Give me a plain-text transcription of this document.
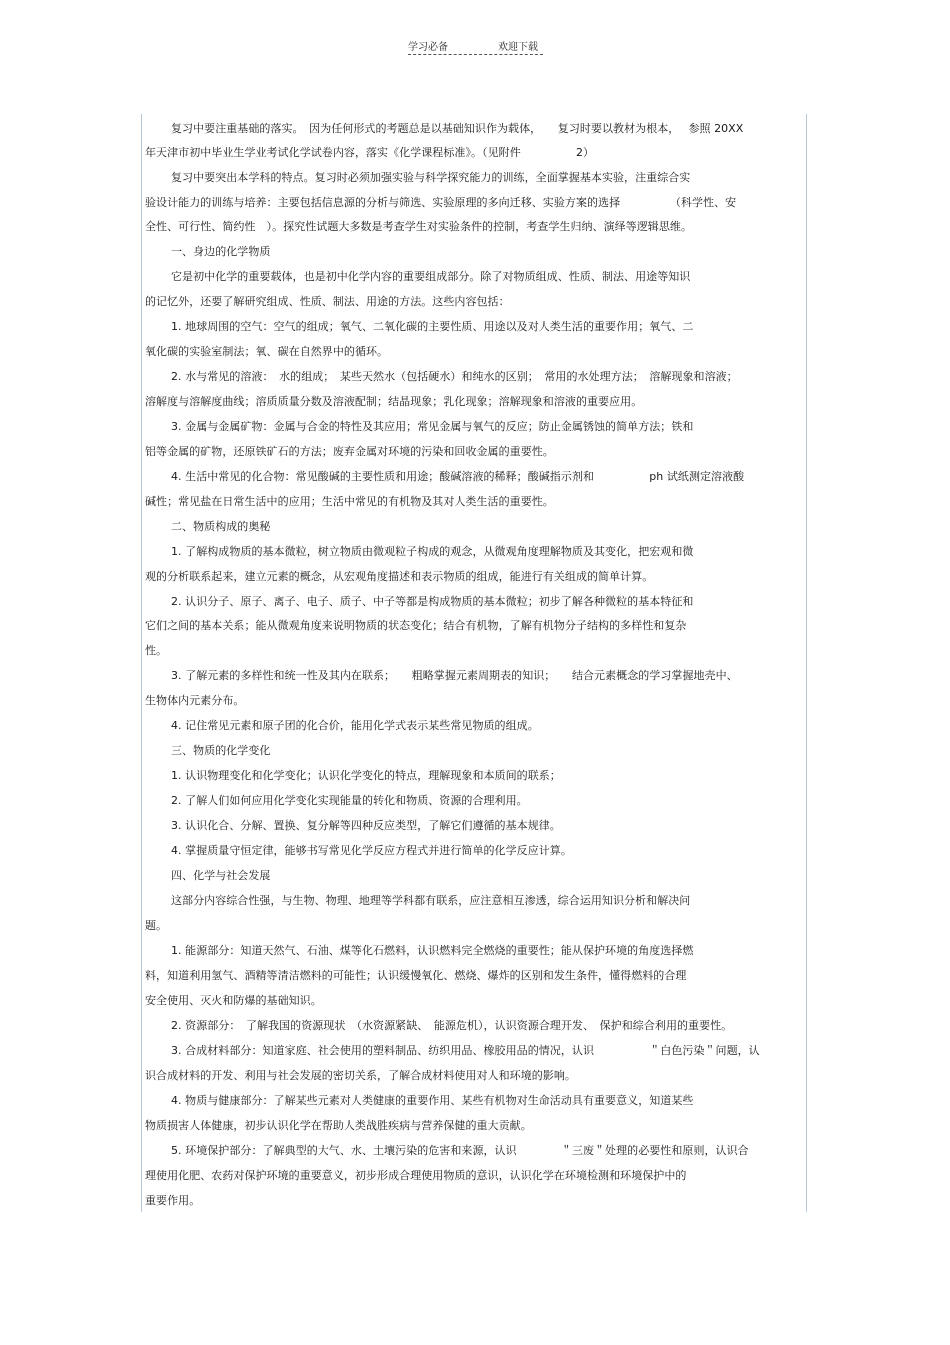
学习必备	欢迎下载
复习中要注重基础的落实。　因为任何形式的考题总是以基础知识作为载体，　　复习时要以教材为根本，　 参照 20XX
年天津市初中毕业生学业考试化学试卷内容，落实《化学课程标准》。（见附件　　　　　2）
复习中要突出本学科的特点。复习时必须加强实验与科学探究能力的训练，全面掌握基本实验，注重综合实
验设计能力的训练与培养：主要包括信息源的分析与筛选、实验原理的多向迁移、实验方案的选择　　　　　（科学性、安
全性、可行性、简约性　）。探究性试题大多数是考查学生对实验条件的控制，考查学生归纳、演绎等逻辑思维。
一、身边的化学物质
它是初中化学的重要载体，也是初中化学内容的重要组成部分。除了对物质组成、性质、制法、用途等知识
的记忆外，还要了解研究组成、性质、制法、用途的方法。这些内容包括：
1. 地球周围的空气：空气的组成；氧气、二氧化碳的主要性质、用途以及对人类生活的重要作用；氧气、二
氧化碳的实验室制法；氧、碳在自然界中的循环。
2. 水与常见的溶液：　水的组成；　某些天然水（包括硬水）和纯水的区别；　常用的水处理方法；　溶解现象和溶液；
溶解度与溶解度曲线；溶质质量分数及溶液配制；结晶现象；乳化现象；溶解现象和溶液的重要应用。
3. 金属与金属矿物：金属与合金的特性及其应用；常见金属与氧气的反应；防止金属锈蚀的简单方法；铁和
铝等金属的矿物，还原铁矿石的方法；废弃金属对环境的污染和回收金属的重要性。
4. 生活中常见的化合物：常见酸碱的主要性质和用途；酸碱溶液的稀释；酸碱指示剂和　　　　　ph 试纸测定溶液酸
碱性；常见盐在日常生活中的应用；生活中常见的有机物及其对人类生活的重要性。
二、物质构成的奥秘
1. 了解构成物质的基本微粒，树立物质由微观粒子构成的观念，从微观角度理解物质及其变化，把宏观和微
观的分析联系起来，建立元素的概念，从宏观角度描述和表示物质的组成，能进行有关组成的简单计算。
2. 认识分子、原子、离子、电子、质子、中子等都是构成物质的基本微粒；初步了解各种微粒的基本特征和
它们之间的基本关系；能从微观角度来说明物质的状态变化；结合有机物，了解有机物分子结构的多样性和复杂
性。
3. 了解元素的多样性和统一性及其内在联系；　　粗略掌握元素周期表的知识；　　结合元素概念的学习掌握地壳中、
生物体内元素分布。
4. 记住常见元素和原子团的化合价，能用化学式表示某些常见物质的组成。
三、物质的化学变化
1. 认识物理变化和化学变化；认识化学变化的特点，理解现象和本质间的联系；
2. 了解人们如何应用化学变化实现能量的转化和物质、资源的合理利用。
3. 认识化合、分解、置换、复分解等四种反应类型，了解它们遵循的基本规律。
4. 掌握质量守恒定律，能够书写常见化学反应方程式并进行简单的化学反应计算。
四、化学与社会发展
这部分内容综合性强，与生物、物理、地理等学科都有联系，应注意相互渗透，综合运用知识分析和解决问
题。
1. 能源部分：知道天然气、石油、煤等化石燃料，认识燃料完全燃烧的重要性；能从保护环境的角度选择燃
料，知道利用氢气、酒精等清洁燃料的可能性；认识缓慢氧化、燃烧、爆炸的区别和发生条件，懂得燃料的合理
安全使用、灭火和防爆的基础知识。
2. 资源部分：　了解我国的资源现状　（水资源紧缺、　能源危机），认识资源合理开发、　保护和综合利用的重要性。
3. 合成材料部分：知道家庭、社会使用的塑料制品、纺织用品、橡胶用品的情况，认识　　　　　＂白色污染＂问题，认
识合成材料的开发、利用与社会发展的密切关系，了解合成材料使用对人和环境的影响。
4. 物质与健康部分：了解某些元素对人类健康的重要作用、某些有机物对生命活动具有重要意义，知道某些
物质损害人体健康，初步认识化学在帮助人类战胜疾病与营养保健的重大贡献。
5. 环境保护部分：了解典型的大气、水、土壤污染的危害和来源，认识　　　　＂三废＂处理的必要性和原则，认识合
理使用化肥、农药对保护环境的重要意义，初步形成合理使用物质的意识，认识化学在环境检测和环境保护中的
重要作用。
